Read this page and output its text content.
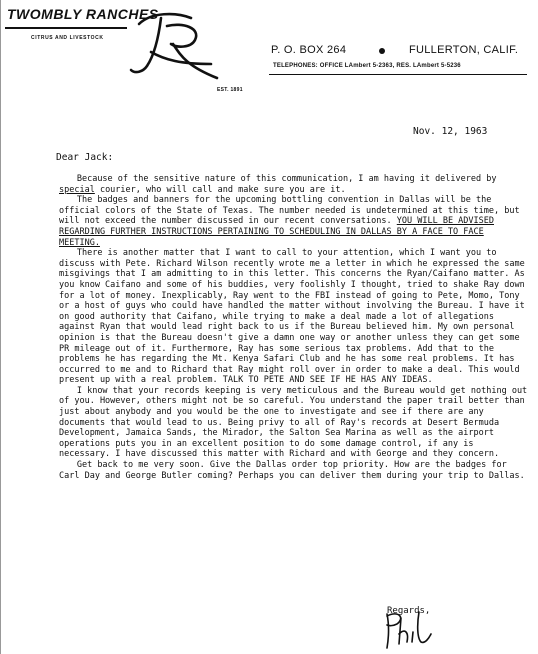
TWOMBLY RANCHES
CITRUS AND LIVESTOCK
EST. 1891
P. O. BOX 264	FULLERTON, CALIF.
TELEPHONES: OFFICE LAmbert 5-2363, RES. LAmbert 5-5236
Nov. 12, 1963
Dear Jack:

Because of the sensitive nature of this communication, I am having it delivered by special courier, who will call and make sure you are it.

The badges and banners for the upcoming bottling convention in Dallas will be the official colors of the State of Texas. The number needed is undetermined at this time, but will not exceed the number discussed in our recent conversations. YOU WILL BE ADVISED REGARDING FURTHER INSTRUCTIONS PERTAINING TO SCHEDULING IN DALLAS BY A FACE TO FACE MEETING.

There is another matter that I want to call to your attention, which I want you to discuss with Pete. Richard Wilson recently wrote me a letter in which he expressed the same misgivings that I am admitting to in this letter. This concerns the Ryan/Caifano matter. As you know Caifano and some of his buddies, very foolishly I thought, tried to shake Ray down for a lot of money. Inexplicably, Ray went to the FBI instead of going to Pete, Momo, Tony or a host of guys who could have handled the matter without involving the Bureau. I have it on good authority that Caifano, while trying to make a deal made a lot of allegations against Ryan that would lead right back to us if the Bureau believed him. My own personal opinion is that the Bureau doesn't give a damn one way or another unless they can get some PR mileage out of it. Furthermore, Ray has some serious tax problems. Add that to the problems he has regarding the Mt. Kenya Safari Club and he has some real problems. It has occurred to me and to Richard that Ray might roll over in order to make a deal. This would present up with a real problem. TALK TO PETE AND SEE IF HE HAS ANY IDEAS.

I know that your records keeping is very meticulous and the Bureau would get nothing out of you. However, others might not be so careful. You understand the paper trail better than just about anybody and you would be the one to investigate and see if there are any documents that would lead to us. Being privy to all of Ray's records at Desert Bermuda Development, Jamaica Sands, the Mirador, the Salton Sea Marina as well as the airport operations puts you in an excellent position to do some damage control, if any is necessary. I have discussed this matter with Richard and with George and they concern.

Get back to me very soon. Give the Dallas order top priority. How are the badges for Carl Day and George Butler coming? Perhaps you can deliver them during your trip to Dallas.

Regards,
